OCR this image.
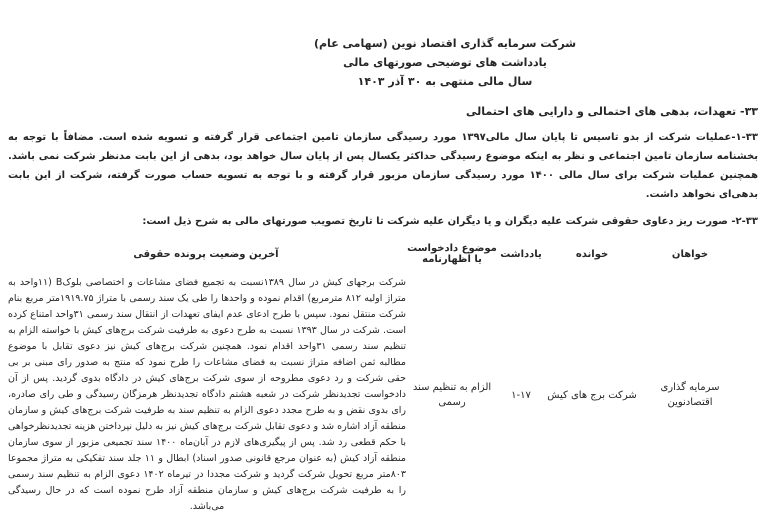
شرکت سرمایه گذاری اقتصاد نوین (سهامی عام)
یادداشت های توضیحی صورتهای مالی
سال مالی منتهی به ۳۰ آذر ۱۴۰۳
۳۳- تعهدات، بدهی های احتمالی و دارایی های احتمالی

۱-۳۳-عملیات شرکت از بدو تاسیس تا پایان سال مالی۱۳۹۷ مورد رسیدگی سازمان تامین اجتماعی قرار گرفته و تسویه شده است. مضافاً با توجه به بخشنامه سازمان تامین اجتماعی و نظر به اینکه موضوع رسیدگی حداکثر یکسال پس از پایان سال خواهد بود، بدهی از این بابت مدنظر شرکت نمی باشد. همچنین عملیات شرکت برای سال مالی ۱۴۰۰ مورد رسیدگی سازمان مزبور قرار گرفته و با توجه به تسویه حساب صورت گرفته، شرکت از این بابت بدهی‌ای نخواهد داشت.

۲-۳۳- صورت ریز دعاوی حقوقی شرکت علیه دیگران و یا دیگران علیه شرکت تا تاریخ تصویب صورتهای مالی به شرح ذیل است:

خواهان
خوانده
یادداشت
موضوع دادخواست یا اظهارنامه
آخرین وضعیت پرونده حقوقی
سرمایه گذاری اقتصادنوین
شرکت برج های کیش
۱-۱۷
الزام به تنظیم سند رسمی
شرکت برجهای کیش در سال ۱۳۸۹نسبت به تجمیع فضای مشاعات و اختصاصی بلوکB (۱۱واحد به متراژ اولیه ۸۱۲ مترمربع) اقدام نموده و واحدها را طی یک سند رسمی با متراژ ۱۹۱۹.۷۵متر مربع بنام شرکت منتقل نمود. سپس با طرح ادعای عدم ایفای تعهدات از انتقال سند رسمی ۳۱واحد امتناع کرده است. شرکت در سال ۱۳۹۳ نسبت به طرح دعوی به طرفیت شرکت برج‌های کیش با خواسته الزام به تنظیم سند رسمی ۳۱واحد اقدام نمود. همچنین شرکت برج‌های کیش نیز دعوی تقابل با موضوع مطالبه ثمن اضافه متراژ نسبت به فضای مشاعات را طرح نمود که منتج به صدور رای مبنی بر بی حقی شرکت و رد دعوی مطروحه از سوی شرکت برج‌های کیش در دادگاه بدوی گردید. پس از آن دادخواست تجدیدنظر شرکت در شعبه هشتم دادگاه تجدیدنظر هرمزگان رسیدگی و طی رای صادره، رای بدوی نقض و به طرح مجدد دعوی الزام به تنظیم سند به طرفیت شرکت برج‌های کیش و سازمان منطقه آزاد اشاره شد و دعوی تقابل شرکت برج‌های کیش نیز به دلیل نپرداختن هزینه تجدیدنظرخواهی با حکم قطعی رد شد. پس از پیگیری‌های لازم در آبان‌ماه ۱۴۰۰ سند تجمیعی مزبور از سوی سازمان منطقه آزاد کیش (به عنوان مرجع قانونی صدور اسناد) ابطال و ۱۱ جلد سند تفکیکی به متراژ مجموعا ۸۰۳متر مربع تحویل شرکت گردید و شرکت مجددا در تیرماه ۱۴۰۲ دعوی الزام به تنظیم سند رسمی را به طرفیت شرکت برج‌های کیش و سازمان منطقه آزاد طرح نموده است که در حال رسیدگی می‌باشد.
